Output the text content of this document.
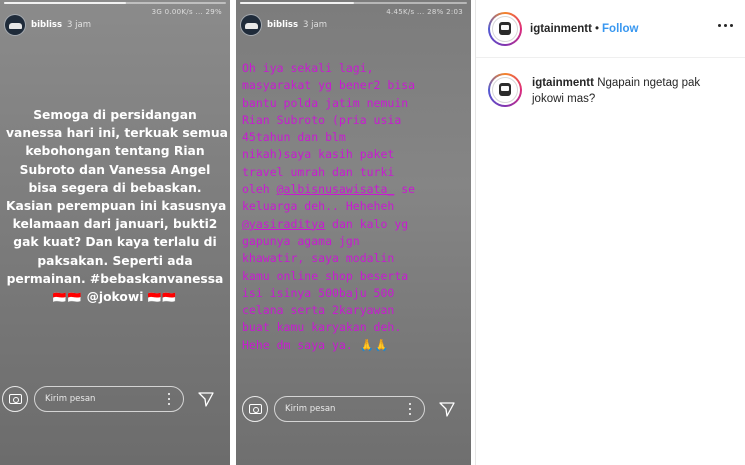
3G 0.00K/s ... 29%
bibliss 3 jam
Semoga di persidangan
vanessa hari ini, terkuak semua
kebohongan tentang Rian
Subroto dan Vanessa Angel
bisa segera di bebaskan.
Kasian perempuan ini kasusnya
kelamaan dari januari, bukti2
gak kuat? Dan kaya terlalu di
paksakan. Seperti ada
permainan. #bebaskanvanessa
🇮🇩🇮🇩 @jokowi 🇮🇩🇮🇩
Kirim pesan
4.45K/s ... 28% 2:03
bibliss 3 jam
Oh iya sekali lagi,
masyarakat yg bener2 bisa
bantu polda jatim nemuin
Rian Subroto (pria usia
45tahun dan blm
nikah)saya kasih paket
travel umrah dan turki
oleh @albisnusawisata_ se
keluarga deh.. Heheheh
@yasiraditya dan kalo yg
gapunya agama jgn
khawatir, saya modalin
kamu online shop beserta
isi isinya 500baju 500
celana serta 2karyawan
buat kamu karyakan deh.
Hehe dm saya ya. 🙏🙏
Kirim pesan
igtainmentt • Follow
igtainmentt Ngapain ngetag pak jokowi mas?
